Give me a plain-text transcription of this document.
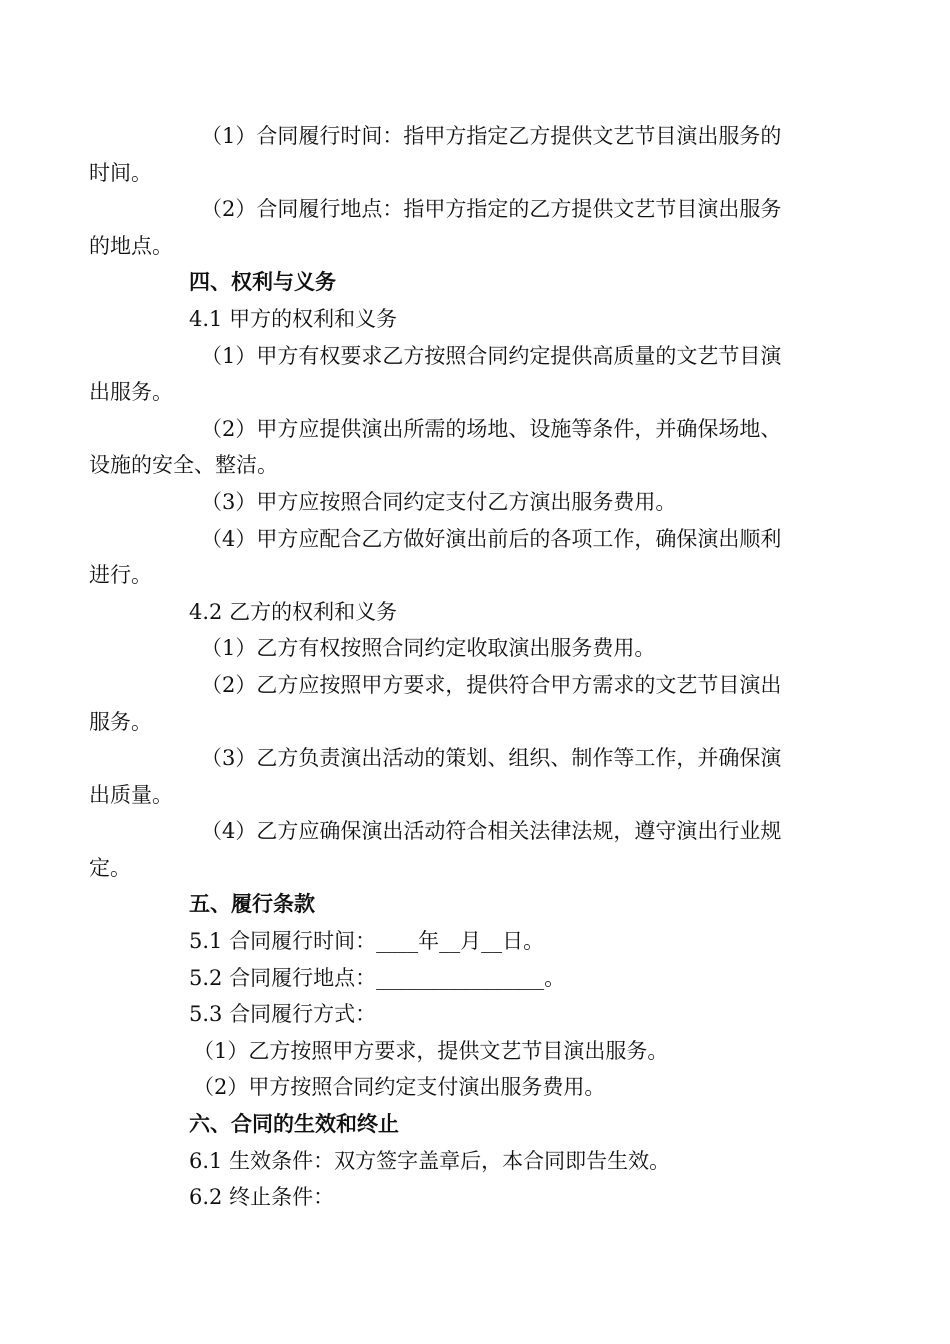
（1）合同履行时间：指甲方指定乙方提供文艺节目演出服务的
时间。

（2）合同履行地点：指甲方指定的乙方提供文艺节目演出服务
的地点。

四、权利与义务

4.1 甲方的权利和义务

（1）甲方有权要求乙方按照合同约定提供高质量的文艺节目演
出服务。

（2）甲方应提供演出所需的场地、设施等条件，并确保场地、
设施的安全、整洁。

（3）甲方应按照合同约定支付乙方演出服务费用。

（4）甲方应配合乙方做好演出前后的各项工作，确保演出顺利
进行。

4.2 乙方的权利和义务

（1）乙方有权按照合同约定收取演出服务费用。

（2）乙方应按照甲方要求，提供符合甲方需求的文艺节目演出
服务。

（3）乙方负责演出活动的策划、组织、制作等工作，并确保演
出质量。

（4）乙方应确保演出活动符合相关法律法规，遵守演出行业规
定。

五、履行条款

5.1 合同履行时间：____年__月__日。

5.2 合同履行地点：________________。

5.3 合同履行方式：

（1）乙方按照甲方要求，提供文艺节目演出服务。

（2）甲方按照合同约定支付演出服务费用。

六、合同的生效和终止

6.1 生效条件：双方签字盖章后，本合同即告生效。

6.2 终止条件：
